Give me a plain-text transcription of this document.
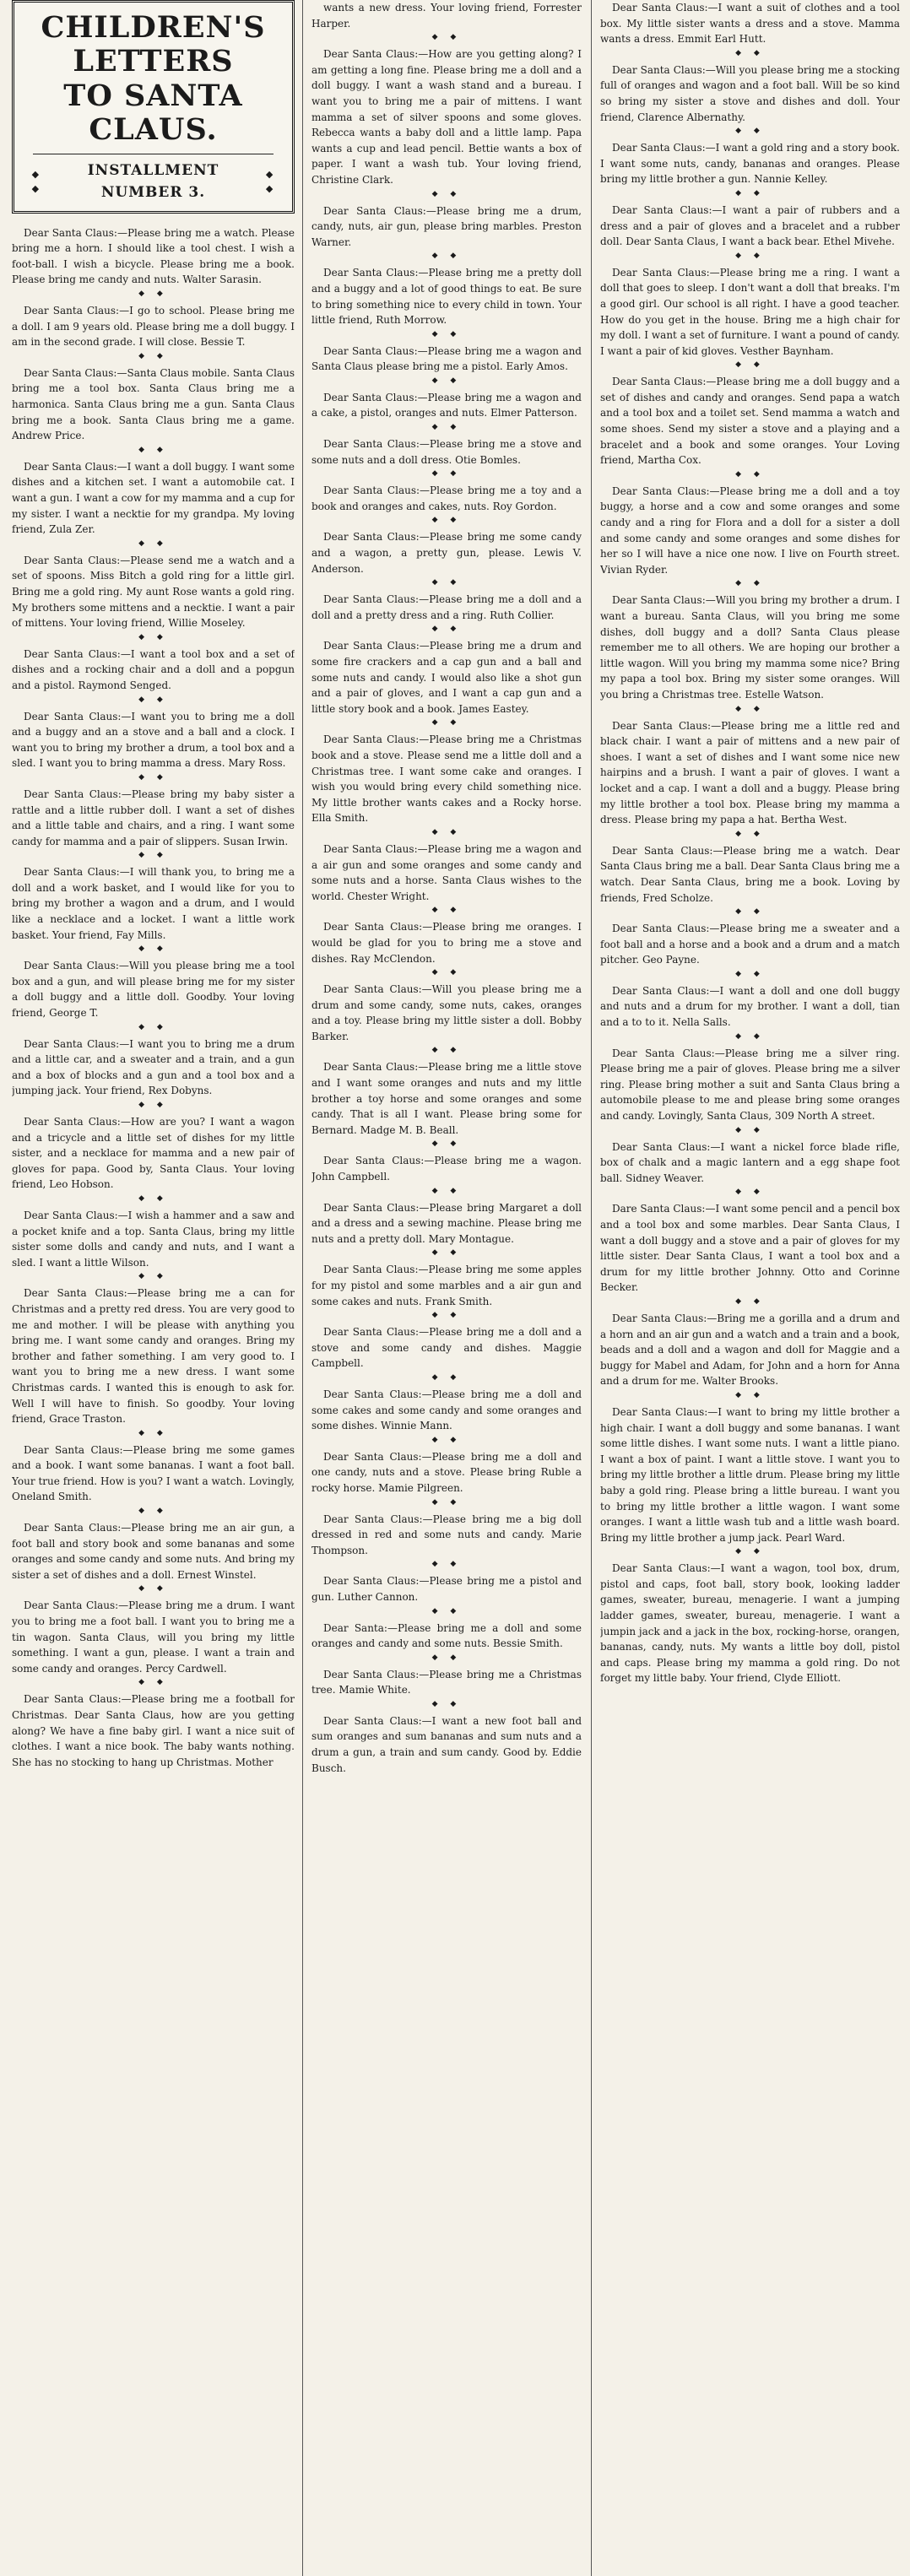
CHILDREN'S LETTERS
TO SANTA CLAUS.
◆ ◆
INSTALLMENT NUMBER 3.
◆ ◆

Dear Santa Claus:—Please bring me a watch. Please bring me a horn. I should like a tool chest. I wish a foot-ball. I wish a bicycle. Please bring me a book. Please bring me candy and nuts. Walter Sarasin.

◆ ◆

Dear Santa Claus:—I go to school. Please bring me a doll. I am 9 years old. Please bring me a doll buggy. I am in the second grade. I will close. Bessie T.

◆ ◆

Dear Santa Claus:—Santa Claus mobile. Santa Claus bring me a tool box. Santa Claus bring me a harmonica. Santa Claus bring me a gun. Santa Claus bring me a book. Santa Claus bring me a game. Andrew Price.

◆ ◆

Dear Santa Claus:—I want a doll buggy. I want some dishes and a kitchen set. I want a automobile cat. I want a gun. I want a cow for my mamma and a cup for my sister. I want a necktie for my grandpa. My loving friend, Zula Zer.

◆ ◆

Dear Santa Claus:—Please send me a watch and a set of spoons. Miss Bitch a gold ring for a little girl. Bring me a gold ring. My aunt Rose wants a gold ring. My brothers some mittens and a necktie. I want a pair of mittens. Your loving friend, Willie Moseley.

◆ ◆

Dear Santa Claus:—I want a tool box and a set of dishes and a rocking chair and a doll and a popgun and a pistol. Raymond Senged.

◆ ◆

Dear Santa Claus:—I want you to bring me a doll and a buggy and an a stove and a ball and a clock. I want you to bring my brother a drum, a tool box and a sled. I want you to bring mamma a dress. Mary Ross.

◆ ◆

Dear Santa Claus:—Please bring my baby sister a rattle and a little rubber doll. I want a set of dishes and a little table and chairs, and a ring. I want some candy for mamma and a pair of slippers. Susan Irwin.

◆ ◆

Dear Santa Claus:—I will thank you, to bring me a doll and a work basket, and I would like for you to bring my brother a wagon and a drum, and I would like a necklace and a locket. I want a little work basket. Your friend, Fay Mills.

◆ ◆

Dear Santa Claus:—Will you please bring me a tool box and a gun, and will please bring me for my sister a doll buggy and a little doll. Goodby. Your loving friend, George T.

◆ ◆

Dear Santa Claus:—I want you to bring me a drum and a little car, and a sweater and a train, and a gun and a box of blocks and a gun and a tool box and a jumping jack. Your friend, Rex Dobyns.

◆ ◆

Dear Santa Claus:—How are you? I want a wagon and a tricycle and a little set of dishes for my little sister, and a necklace for mamma and a new pair of gloves for papa. Good by, Santa Claus. Your loving friend, Leo Hobson.

◆ ◆

Dear Santa Claus:—I wish a hammer and a saw and a pocket knife and a top. Santa Claus, bring my little sister some dolls and candy and nuts, and I want a sled. I want a little Wilson.

◆ ◆

Dear Santa Claus:—Please bring me a can for Christmas and a pretty red dress. You are very good to me and mother. I will be please with anything you bring me. I want some candy and oranges. Bring my brother and father something. I am very good to. I want you to bring me a new dress. I want some Christmas cards. I wanted this is enough to ask for. Well I will have to finish. So goodby. Your loving friend, Grace Traston.

◆ ◆

Dear Santa Claus:—Please bring me some games and a book. I want some bananas. I want a foot ball. Your true friend. How is you? I want a watch. Lovingly, Oneland Smith.

◆ ◆

Dear Santa Claus:—Please bring me an air gun, a foot ball and story book and some bananas and some oranges and some candy and some nuts. And bring my sister a set of dishes and a doll. Ernest Winstel.

◆ ◆

Dear Santa Claus:—Please bring me a drum. I want you to bring me a foot ball. I want you to bring me a tin wagon. Santa Claus, will you bring my little something. I want a gun, please. I want a train and some candy and oranges. Percy Cardwell.

◆ ◆

Dear Santa Claus:—Please bring me a football for Christmas. Dear Santa Claus, how are you getting along? We have a fine baby girl. I want a nice suit of clothes. I want a nice book. The baby wants nothing. She has no stocking to hang up Christmas. Mother

wants a new dress. Your loving friend, Forrester Harper.

◆ ◆

Dear Santa Claus:—How are you getting along? I am getting a long fine. Please bring me a doll and a doll buggy. I want a wash stand and a bureau. I want you to bring me a pair of mittens. I want mamma a set of silver spoons and some gloves. Rebecca wants a baby doll and a little lamp. Papa wants a cup and lead pencil. Bettie wants a box of paper. I want a wash tub. Your loving friend, Christine Clark.

◆ ◆

Dear Santa Claus:—Please bring me a drum, candy, nuts, air gun, please bring marbles. Preston Warner.

◆ ◆

Dear Santa Claus:—Please bring me a pretty doll and a buggy and a lot of good things to eat. Be sure to bring something nice to every child in town. Your little friend, Ruth Morrow.

◆ ◆

Dear Santa Claus:—Please bring me a wagon and Santa Claus please bring me a pistol. Early Amos.

◆ ◆

Dear Santa Claus:—Please bring me a wagon and a cake, a pistol, oranges and nuts. Elmer Patterson.

◆ ◆

Dear Santa Claus:—Please bring me a stove and some nuts and a doll dress. Otie Bomles.

◆ ◆

Dear Santa Claus:—Please bring me a toy and a book and oranges and cakes, nuts. Roy Gordon.

◆ ◆

Dear Santa Claus:—Please bring me some candy and a wagon, a pretty gun, please. Lewis V. Anderson.

◆ ◆

Dear Santa Claus:—Please bring me a doll and a doll and a pretty dress and a ring. Ruth Collier.

◆ ◆

Dear Santa Claus:—Please bring me a drum and some fire crackers and a cap gun and a ball and some nuts and candy. I would also like a shot gun and a pair of gloves, and I want a cap gun and a little story book and a book. James Eastey.

◆ ◆

Dear Santa Claus:—Please bring me a Christmas book and a stove. Please send me a little doll and a Christmas tree. I want some cake and oranges. I wish you would bring every child something nice. My little brother wants cakes and a Rocky horse. Ella Smith.

◆ ◆

Dear Santa Claus:—Please bring me a wagon and a air gun and some oranges and some candy and some nuts and a horse. Santa Claus wishes to the world. Chester Wright.

◆ ◆

Dear Santa Claus:—Please bring me oranges. I would be glad for you to bring me a stove and dishes. Ray McClendon.

◆ ◆

Dear Santa Claus:—Will you please bring me a drum and some candy, some nuts, cakes, oranges and a toy. Please bring my little sister a doll. Bobby Barker.

◆ ◆

Dear Santa Claus:—Please bring me a little stove and I want some oranges and nuts and my little brother a toy horse and some oranges and some candy. That is all I want. Please bring some for Bernard. Madge M. B. Beall.

◆ ◆

Dear Santa Claus:—Please bring me a wagon. John Campbell.

◆ ◆

Dear Santa Claus:—Please bring Margaret a doll and a dress and a sewing machine. Please bring me nuts and a pretty doll. Mary Montague.

◆ ◆

Dear Santa Claus:—Please bring me some apples for my pistol and some marbles and a air gun and some cakes and nuts. Frank Smith.

◆ ◆

Dear Santa Claus:—Please bring me a doll and a stove and some candy and dishes. Maggie Campbell.

◆ ◆

Dear Santa Claus:—Please bring me a doll and some cakes and some candy and some oranges and some dishes. Winnie Mann.

◆ ◆

Dear Santa Claus:—Please bring me a doll and one candy, nuts and a stove. Please bring Ruble a rocky horse. Mamie Pilgreen.

◆ ◆

Dear Santa Claus:—Please bring me a big doll dressed in red and some nuts and candy. Marie Thompson.

◆ ◆

Dear Santa Claus:—Please bring me a pistol and gun. Luther Cannon.

◆ ◆

Dear Santa:—Please bring me a doll and some oranges and candy and some nuts. Bessie Smith.

◆ ◆

Dear Santa Claus:—Please bring me a Christmas tree. Mamie White.

◆ ◆

Dear Santa Claus:—I want a new foot ball and sum oranges and sum bananas and sum nuts and a drum a gun, a train and sum candy. Good by. Eddie Busch.

Dear Santa Claus:—I want a suit of clothes and a tool box. My little sister wants a dress and a stove. Mamma wants a dress. Emmit Earl Hutt.

◆ ◆

Dear Santa Claus:—Will you please bring me a stocking full of oranges and wagon and a foot ball. Will be so kind so bring my sister a stove and dishes and doll. Your friend, Clarence Albernathy.

◆ ◆

Dear Santa Claus:—I want a gold ring and a story book. I want some nuts, candy, bananas and oranges. Please bring my little brother a gun. Nannie Kelley.

◆ ◆

Dear Santa Claus:—I want a pair of rubbers and a dress and a pair of gloves and a bracelet and a rubber doll. Dear Santa Claus, I want a back bear. Ethel Mivehe.

◆ ◆

Dear Santa Claus:—Please bring me a ring. I want a doll that goes to sleep. I don't want a doll that breaks. I'm a good girl. Our school is all right. I have a good teacher. How do you get in the house. Bring me a high chair for my doll. I want a set of furniture. I want a pound of candy. I want a pair of kid gloves. Vesther Baynham.

◆ ◆

Dear Santa Claus:—Please bring me a doll buggy and a set of dishes and candy and oranges. Send papa a watch and a tool box and a toilet set. Send mamma a watch and some shoes. Send my sister a stove and a playing and a bracelet and a book and some oranges. Your Loving friend, Martha Cox.

◆ ◆

Dear Santa Claus:—Please bring me a doll and a toy buggy, a horse and a cow and some oranges and some candy and a ring for Flora and a doll for a sister a doll and some candy and some oranges and some dishes for her so I will have a nice one now. I live on Fourth street. Vivian Ryder.

◆ ◆

Dear Santa Claus:—Will you bring my brother a drum. I want a bureau. Santa Claus, will you bring me some dishes, doll buggy and a doll? Santa Claus please remember me to all others. We are hoping our brother a little wagon. Will you bring my mamma some nice? Bring my papa a tool box. Bring my sister some oranges. Will you bring a Christmas tree. Estelle Watson.

◆ ◆

Dear Santa Claus:—Please bring me a little red and black chair. I want a pair of mittens and a new pair of shoes. I want a set of dishes and I want some nice new hairpins and a brush. I want a pair of gloves. I want a locket and a cap. I want a doll and a buggy. Please bring my little brother a tool box. Please bring my mamma a dress. Please bring my papa a hat. Bertha West.

◆ ◆

Dear Santa Claus:—Please bring me a watch. Dear Santa Claus bring me a ball. Dear Santa Claus bring me a watch. Dear Santa Claus, bring me a book. Loving by friends, Fred Scholze.

◆ ◆

Dear Santa Claus:—Please bring me a sweater and a foot ball and a horse and a book and a drum and a match pitcher. Geo Payne.

◆ ◆

Dear Santa Claus:—I want a doll and one doll buggy and nuts and a drum for my brother. I want a doll, tian and a to to it. Nella Salls.

◆ ◆

Dear Santa Claus:—Please bring me a silver ring. Please bring me a pair of gloves. Please bring me a silver ring. Please bring mother a suit and Santa Claus bring a automobile please to me and please bring some oranges and candy. Lovingly, Santa Claus, 309 North A street.

◆ ◆

Dear Santa Claus:—I want a nickel force blade rifle, box of chalk and a magic lantern and a egg shape foot ball. Sidney Weaver.

◆ ◆

Dare Santa Claus:—I want some pencil and a pencil box and a tool box and some marbles. Dear Santa Claus, I want a doll buggy and a stove and a pair of gloves for my little sister. Dear Santa Claus, I want a tool box and a drum for my little brother Johnny. Otto and Corinne Becker.

◆ ◆

Dear Santa Claus:—Bring me a gorilla and a drum and a horn and an air gun and a watch and a train and a book, beads and a doll and a wagon and doll for Maggie and a buggy for Mabel and Adam, for John and a horn for Anna and a drum for me. Walter Brooks.

◆ ◆

Dear Santa Claus:—I want to bring my little brother a high chair. I want a doll buggy and some bananas. I want some little dishes. I want some nuts. I want a little piano. I want a box of paint. I want a little stove. I want you to bring my little brother a little drum. Please bring my little baby a gold ring. Please bring a little bureau. I want you to bring my little brother a little wagon. I want some oranges. I want a little wash tub and a little wash board. Bring my little brother a jump jack. Pearl Ward.

◆ ◆

Dear Santa Claus:—I want a wagon, tool box, drum, pistol and caps, foot ball, story book, looking ladder games, sweater, bureau, menagerie. I want a jumping ladder games, sweater, bureau, menagerie. I want a jumpin jack and a jack in the box, rocking-horse, orangen, bananas, candy, nuts. My wants a little boy doll, pistol and caps. Please bring my mamma a gold ring. Do not forget my little baby. Your friend, Clyde Elliott.
